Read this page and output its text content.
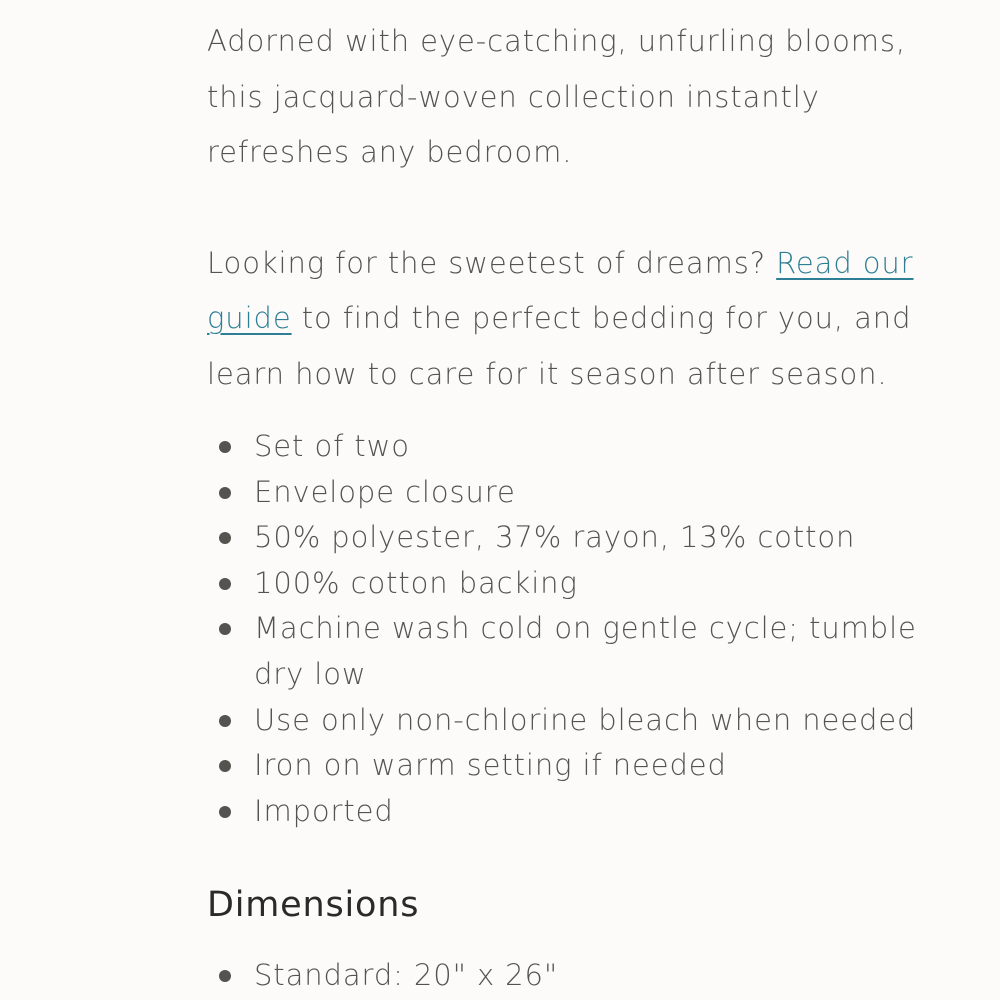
Adorned with eye-catching, unfurling blooms, this jacquard-woven collection instantly refreshes any bedroom.

Looking for the sweetest of dreams? Read our guide to find the perfect bedding for you, and learn how to care for it season after season.

Set of two
Envelope closure
50% polyester, 37% rayon, 13% cotton
100% cotton backing
Machine wash cold on gentle cycle; tumble dry low
Use only non-chlorine bleach when needed
Iron on warm setting if needed
Imported
Dimensions
Standard: 20" x 26"
